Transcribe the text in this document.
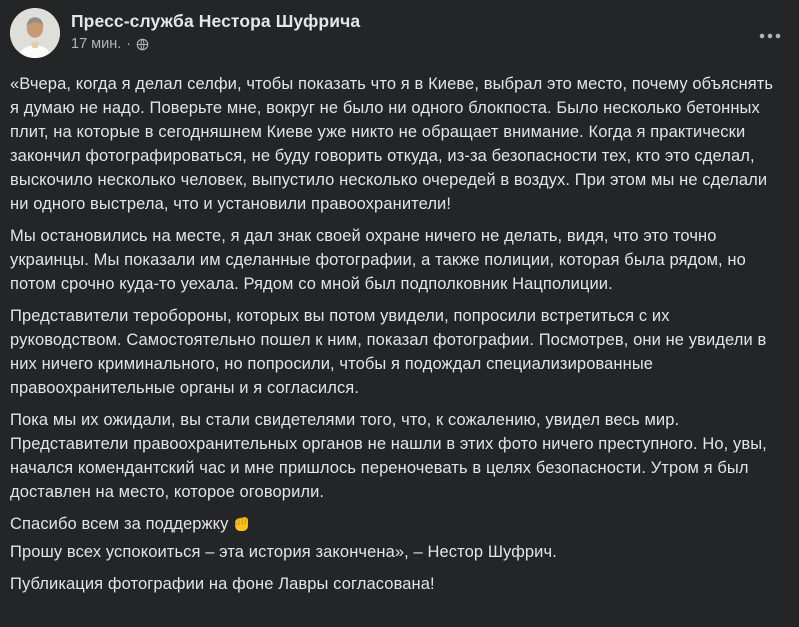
Пресс-служба Нестора Шуфрича
17 мин. ·

«Вчера, когда я делал селфи, чтобы показать что я в Киеве, выбрал это место, почему объяснять я думаю не надо. Поверьте мне, вокруг не было ни одного блокпоста. Было несколько бетонных плит, на которые в сегодняшнем Киеве уже никто не обращает внимание. Когда я практически закончил фотографироваться, не буду говорить откуда, из-за безопасности тех, кто это сделал, выскочило несколько человек, выпустило несколько очередей в воздух. При этом мы не сделали ни одного выстрела, что и установили правоохранители!

Мы остановились на месте, я дал знак своей охране ничего не делать, видя, что это точно украинцы. Мы показали им сделанные фотографии, а также полиции, которая была рядом, но потом срочно куда-то уехала. Рядом со мной был подполковник Нацполиции.

Представители теробороны, которых вы потом увидели, попросили встретиться с их руководством. Самостоятельно пошел к ним, показал фотографии. Посмотрев, они не увидели в них ничего криминального, но попросили, чтобы я подождал специализированные правоохранительные органы и я согласился.

Пока мы их ожидали, вы стали свидетелями того, что, к сожалению, увидел весь мир. Представители правоохранительных органов не нашли в этих фото ничего преступного. Но, увы, начался комендантский час и мне пришлось переночевать в целях безопасности. Утром я был доставлен на место, которое оговорили.

Спасибо всем за поддержку
Прошу всех успокоиться – эта история закончена», – Нестор Шуфрич.

Публикация фотографии на фоне Лавры согласована!
